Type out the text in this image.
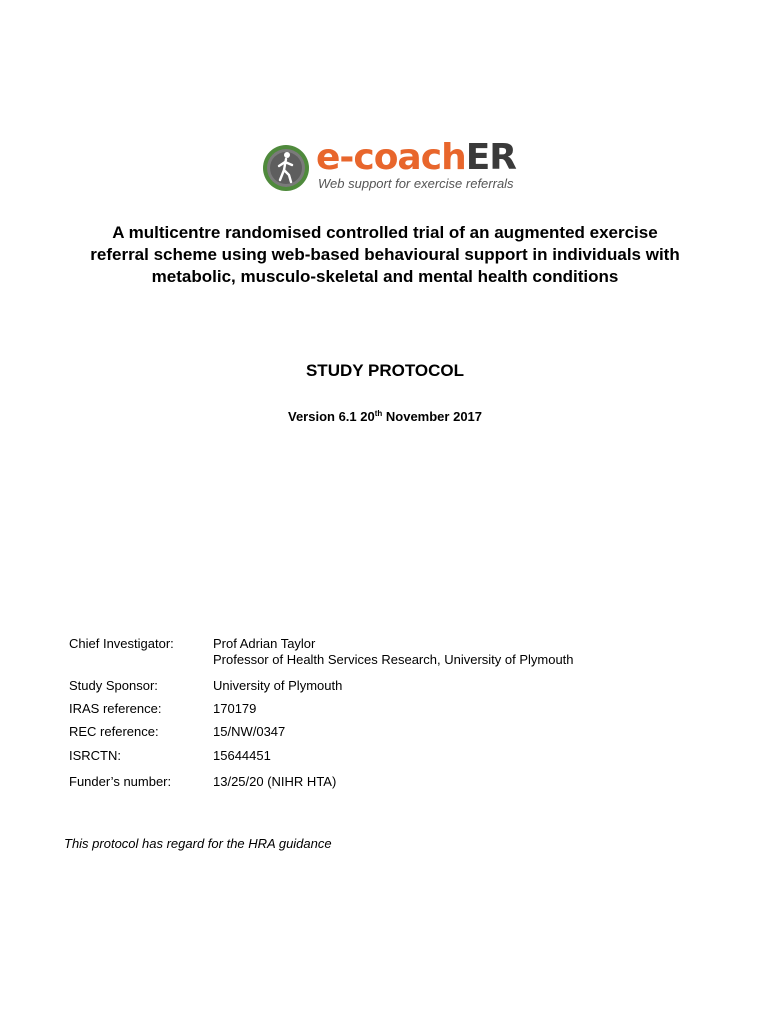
e-coachER
Web support for exercise referrals
A multicentre randomised controlled trial of an augmented exercise
referral scheme using web-based behavioural support in individuals with
metabolic, musculo-skeletal and mental health conditions
STUDY PROTOCOL
Version 6.1 20th November 2017
Chief Investigator:	Prof Adrian Taylor
Professor of Health Services Research, University of Plymouth
Study Sponsor:	University of Plymouth
IRAS reference:	170179
REC reference:	15/NW/0347
ISRCTN:	15644451
Funder’s number:	13/25/20 (NIHR HTA)
This protocol has regard for the HRA guidance
